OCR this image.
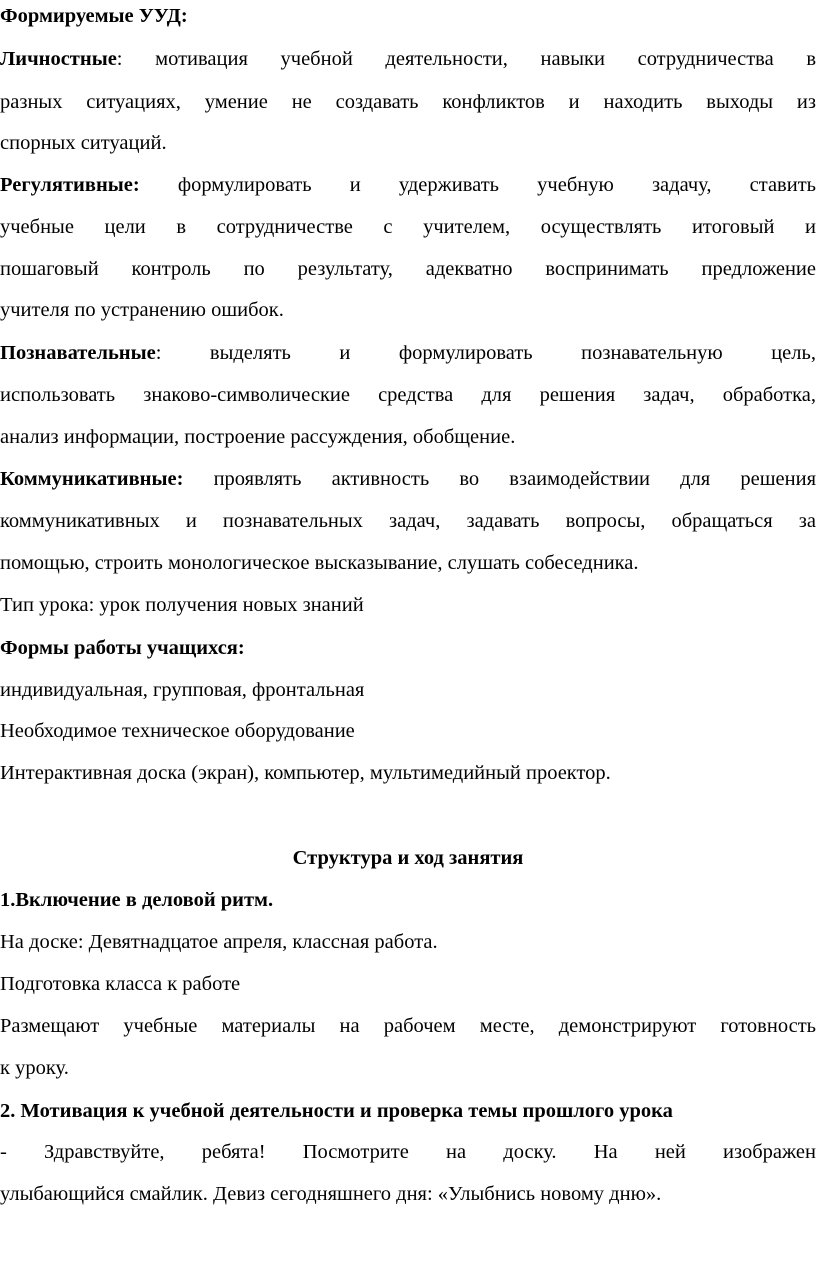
Формируемые УУД:

Личностные: мотивация учебной деятельности, навыки сотрудничества в

разных ситуациях, умение не создавать конфликтов и находить выходы из

спорных ситуаций.

Регулятивные: формулировать и удерживать учебную задачу, ставить

учебные цели в сотрудничестве с учителем, осуществлять итоговый и

пошаговый контроль по результату, адекватно воспринимать предложение

учителя по устранению ошибок.

Познавательные: выделять и формулировать познавательную цель,

использовать знаково-символические средства для решения задач, обработка,

анализ информации, построение рассуждения, обобщение.

Коммуникативные: проявлять активность во взаимодействии для решения

коммуникативных и познавательных задач, задавать вопросы, обращаться за

помощью, строить монологическое высказывание, слушать собеседника.

Тип урока: урок получения новых знаний

Формы работы учащихся:

индивидуальная, групповая, фронтальная

Необходимое техническое оборудование

Интерактивная доска (экран), компьютер, мультимедийный проектор.

Структура и ход занятия

1.Включение в деловой ритм.

На доске: Девятнадцатое апреля, классная работа.

Подготовка класса к работе

Размещают учебные материалы на рабочем месте, демонстрируют готовность

к уроку.

2. Мотивация к учебной деятельности и проверка темы прошлого урока

- Здравствуйте, ребята! Посмотрите на доску. На ней изображен

улыбающийся смайлик. Девиз сегодняшнего дня: «Улыбнись новому дню».
